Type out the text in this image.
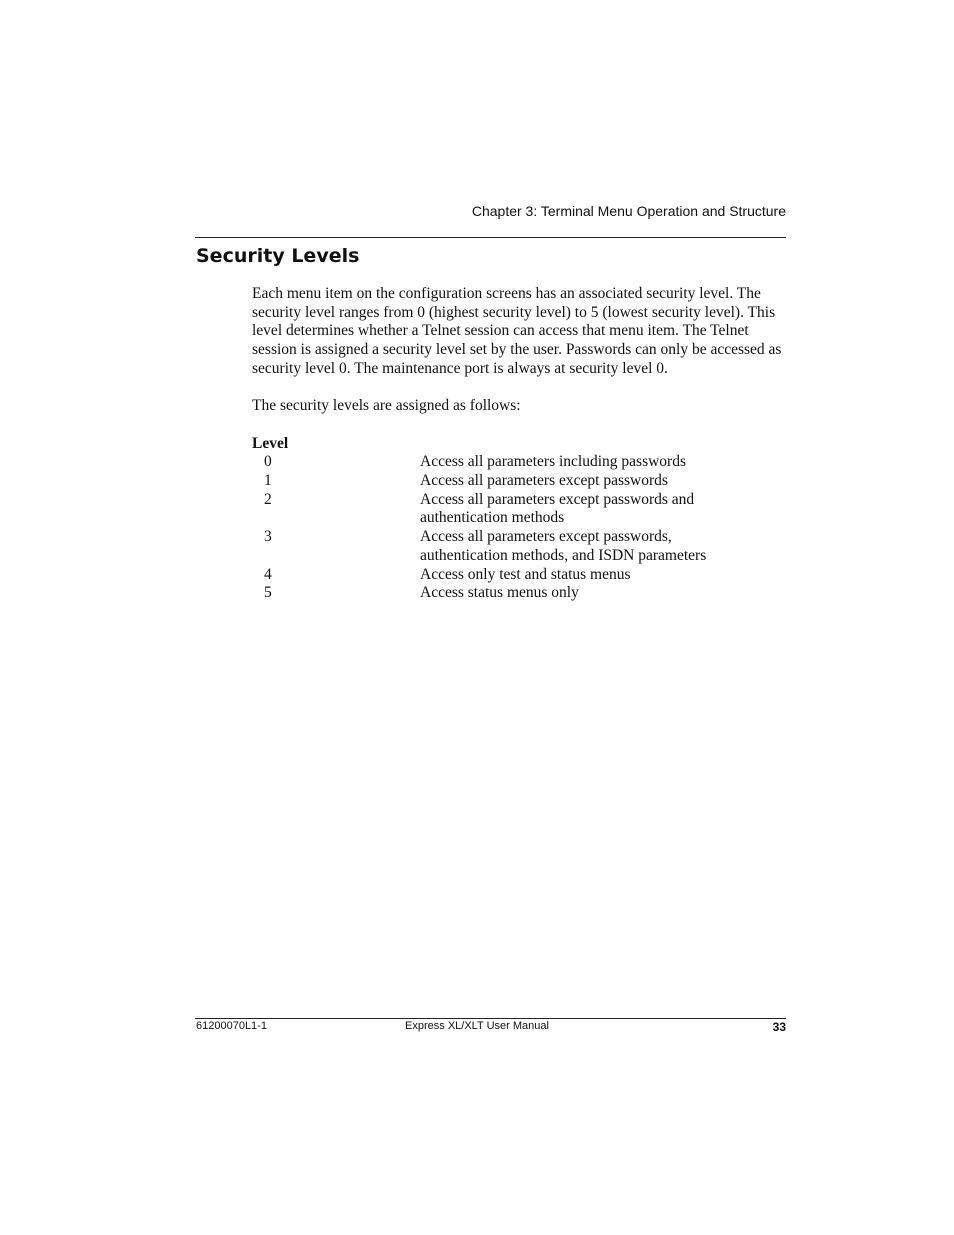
Chapter 3: Terminal Menu Operation and Structure
Security Levels

Each menu item on the configuration screens has an associated security level. The security level ranges from 0 (highest security level) to 5 (lowest security level). This level determines whether a Telnet session can access that menu item. The Telnet session is assigned a security level set by the user. Passwords can only be accessed as security level 0. The maintenance port is always at security level 0.

The security levels are assigned as follows:

Level
0	Access all parameters including passwords
1	Access all parameters except passwords
2	Access all parameters except passwords and
authentication methods
3	Access all parameters except passwords,
authentication methods, and ISDN parameters
4	Access only test and status menus
5	Access status menus only
61200070L1-1	Express XL/XLT User Manual	33
